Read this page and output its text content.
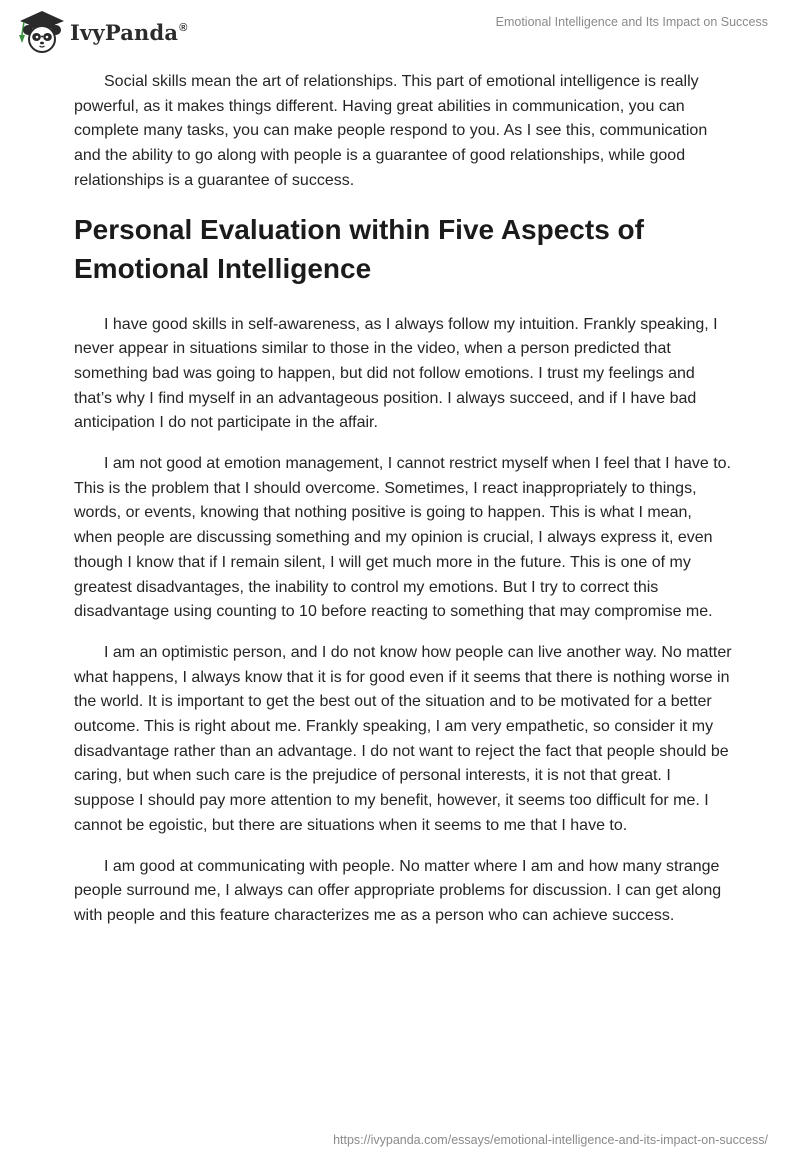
IvyPanda®	Emotional Intelligence and Its Impact on Success

Social skills mean the art of relationships. This part of emotional intelligence is really powerful, as it makes things different. Having great abilities in communication, you can complete many tasks, you can make people respond to you. As I see this, communication and the ability to go along with people is a guarantee of good relationships, while good relationships is a guarantee of success.

Personal Evaluation within Five Aspects of Emotional Intelligence

I have good skills in self-awareness, as I always follow my intuition. Frankly speaking, I never appear in situations similar to those in the video, when a person predicted that something bad was going to happen, but did not follow emotions. I trust my feelings and that’s why I find myself in an advantageous position. I always succeed, and if I have bad anticipation I do not participate in the affair.

I am not good at emotion management, I cannot restrict myself when I feel that I have to. This is the problem that I should overcome. Sometimes, I react inappropriately to things, words, or events, knowing that nothing positive is going to happen. This is what I mean, when people are discussing something and my opinion is crucial, I always express it, even though I know that if I remain silent, I will get much more in the future. This is one of my greatest disadvantages, the inability to control my emotions. But I try to correct this disadvantage using counting to 10 before reacting to something that may compromise me.

I am an optimistic person, and I do not know how people can live another way. No matter what happens, I always know that it is for good even if it seems that there is nothing worse in the world. It is important to get the best out of the situation and to be motivated for a better outcome. This is right about me. Frankly speaking, I am very empathetic, so consider it my disadvantage rather than an advantage. I do not want to reject the fact that people should be caring, but when such care is the prejudice of personal interests, it is not that great. I suppose I should pay more attention to my benefit, however, it seems too difficult for me. I cannot be egoistic, but there are situations when it seems to me that I have to.

I am good at communicating with people. No matter where I am and how many strange people surround me, I always can offer appropriate problems for discussion. I can get along with people and this feature characterizes me as a person who can achieve success.

https://ivypanda.com/essays/emotional-intelligence-and-its-impact-on-success/
